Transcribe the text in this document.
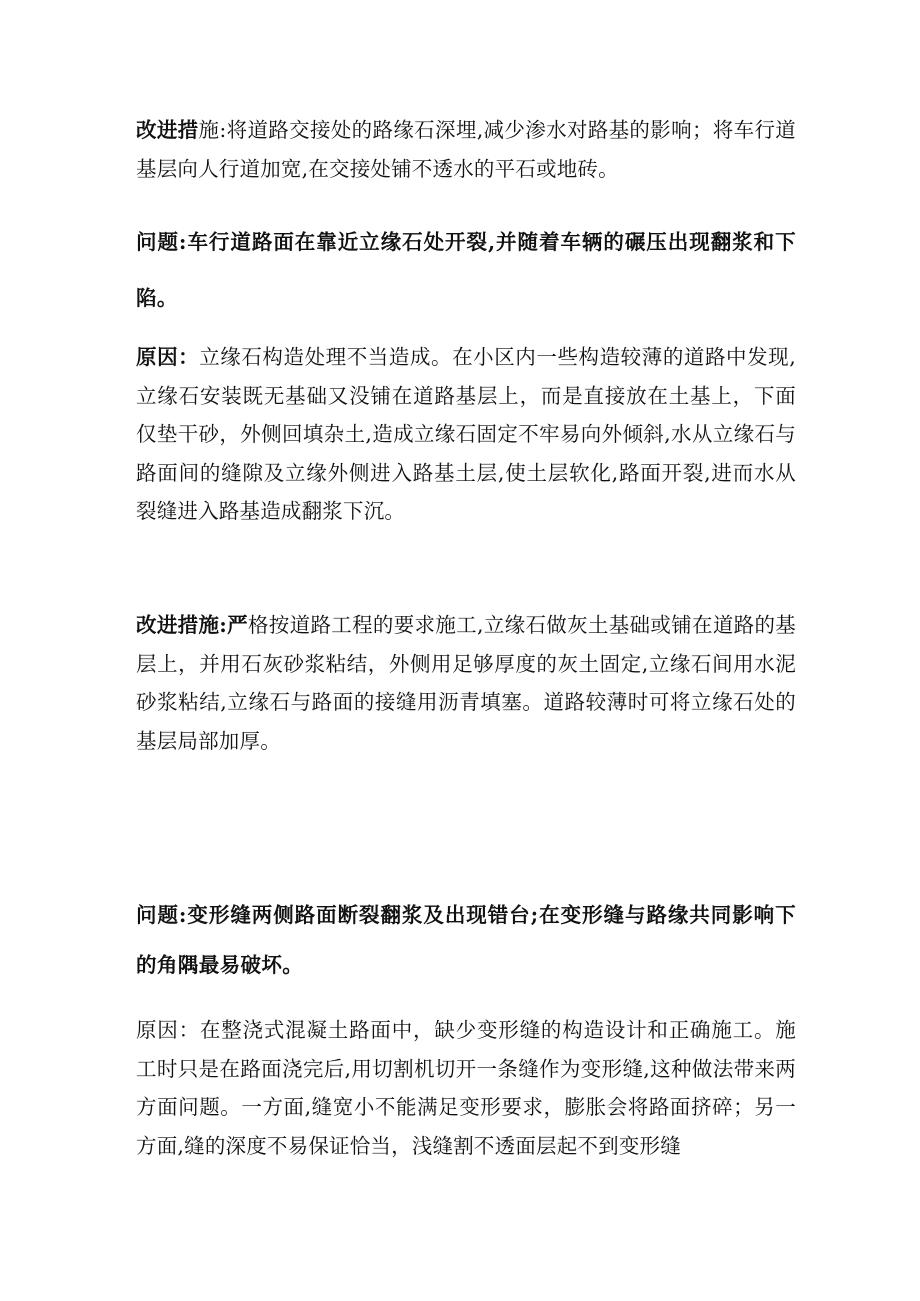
改进措施:将道路交接处的路缘石深埋,减少渗水对路基的影响；将车行道基层向人行道加宽,在交接处铺不透水的平石或地砖。

问题:车行道路面在靠近立缘石处开裂,并随着车辆的碾压出现翻浆和下陷。

原因：立缘石构造处理不当造成。在小区内一些构造较薄的道路中发现,立缘石安装既无基础又没铺在道路基层上，而是直接放在土基上，下面仅垫干砂，外侧回填杂土,造成立缘石固定不牢易向外倾斜,水从立缘石与路面间的缝隙及立缘外侧进入路基土层,使土层软化,路面开裂,进而水从裂缝进入路基造成翻浆下沉。

改进措施:严格按道路工程的要求施工,立缘石做灰土基础或铺在道路的基层上，并用石灰砂浆粘结，外侧用足够厚度的灰土固定,立缘石间用水泥砂浆粘结,立缘石与路面的接缝用沥青填塞。道路较薄时可将立缘石处的基层局部加厚。

问题:变形缝两侧路面断裂翻浆及出现错台;在变形缝与路缘共同影响下的角隅最易破坏。

原因：在整浇式混凝土路面中，缺少变形缝的构造设计和正确施工。施工时只是在路面浇完后,用切割机切开一条缝作为变形缝,这种做法带来两方面问题。一方面,缝宽小不能满足变形要求，膨胀会将路面挤碎；另一方面,缝的深度不易保证恰当，浅缝割不透面层起不到变形缝
